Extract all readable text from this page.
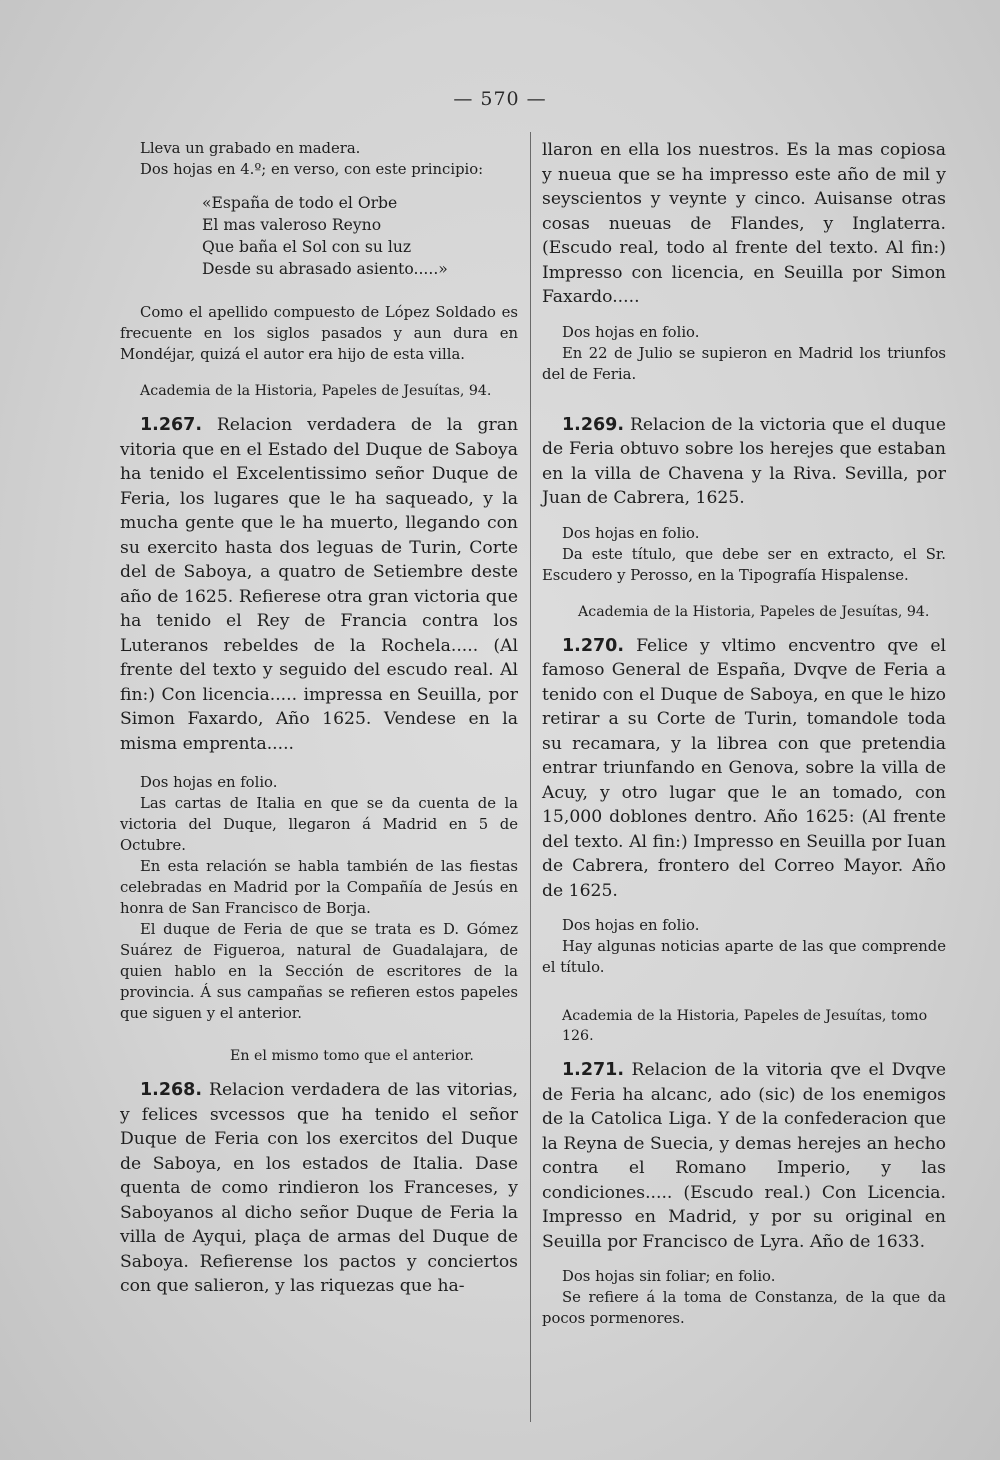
— 570 —

Lleva un grabado en madera.

Dos hojas en 4.º; en verso, con este principio:

«España de todo el Orbe
El mas valeroso Reyno
Que baña el Sol con su luz
Desde su abrasado asiento.....»

Como el apellido compuesto de López Soldado es frecuente en los siglos pasados y aun dura en Mondéjar, quizá el autor era hijo de esta villa.

Academia de la Historia, Papeles de Jesuítas, 94.

1.267. Relacion verdadera de la gran vitoria que en el Estado del Duque de Saboya ha tenido el Excelentissimo señor Duque de Feria, los lugares que le ha saqueado, y la mucha gente que le ha muerto, llegando con su exercito hasta dos leguas de Turin, Corte del de Saboya, a quatro de Setiembre deste año de 1625. Refierese otra gran victoria que ha tenido el Rey de Francia contra los Luteranos rebeldes de la Rochela..... (Al frente del texto y seguido del escudo real. Al fin:) Con licencia..... impressa en Seuilla, por Simon Faxardo, Año 1625. Vendese en la misma emprenta.....

Dos hojas en folio.

Las cartas de Italia en que se da cuenta de la victoria del Duque, llegaron á Madrid en 5 de Octubre.

En esta relación se habla también de las fiestas celebradas en Madrid por la Compañía de Jesús en honra de San Francisco de Borja.

El duque de Feria de que se trata es D. Gómez Suárez de Figueroa, natural de Guadalajara, de quien hablo en la Sección de escritores de la provincia. Á sus campañas se refieren estos papeles que siguen y el anterior.

En el mismo tomo que el anterior.

1.268. Relacion verdadera de las vitorias, y felices svcessos que ha tenido el señor Duque de Feria con los exercitos del Duque de Saboya, en los estados de Italia. Dase quenta de como rindieron los Franceses, y Saboyanos al dicho señor Duque de Feria la villa de Ayqui, plaça de armas del Duque de Saboya. Refierense los pactos y conciertos con que salieron, y las riquezas que ha-

llaron en ella los nuestros. Es la mas copiosa y nueua que se ha impresso este año de mil y seyscientos y veynte y cinco. Auisanse otras cosas nueuas de Flandes, y Inglaterra. (Escudo real, todo al frente del texto. Al fin:) Impresso con licencia, en Seuilla por Simon Faxardo.....

Dos hojas en folio.

En 22 de Julio se supieron en Madrid los triunfos del de Feria.

1.269. Relacion de la victoria que el duque de Feria obtuvo sobre los herejes que estaban en la villa de Chavena y la Riva. Sevilla, por Juan de Cabrera, 1625.

Dos hojas en folio.

Da este título, que debe ser en extracto, el Sr. Escudero y Perosso, en la Tipografía Hispalense.

Academia de la Historia, Papeles de Jesuítas, 94.

1.270. Felice y vltimo encventro qve el famoso General de España, Dvqve de Feria a tenido con el Duque de Saboya, en que le hizo retirar a su Corte de Turin, tomandole toda su recamara, y la librea con que pretendia entrar triunfando en Genova, sobre la villa de Acuy, y otro lugar que le an tomado, con 15,000 doblones dentro. Año 1625: (Al frente del texto. Al fin:) Impresso en Seuilla por Iuan de Cabrera, frontero del Correo Mayor. Año de 1625.

Dos hojas en folio.

Hay algunas noticias aparte de las que comprende el título.

Academia de la Historia, Papeles de Jesuítas, tomo 126.

1.271. Relacion de la vitoria qve el Dvqve de Feria ha alcanc, ado (sic) de los enemigos de la Catolica Liga. Y de la confederacion que la Reyna de Suecia, y demas herejes an hecho contra el Romano Imperio, y las condiciones..... (Escudo real.) Con Licencia. Impresso en Madrid, y por su original en Seuilla por Francisco de Lyra. Año de 1633.

Dos hojas sin foliar; en folio.

Se refiere á la toma de Constanza, de la que da pocos pormenores.
